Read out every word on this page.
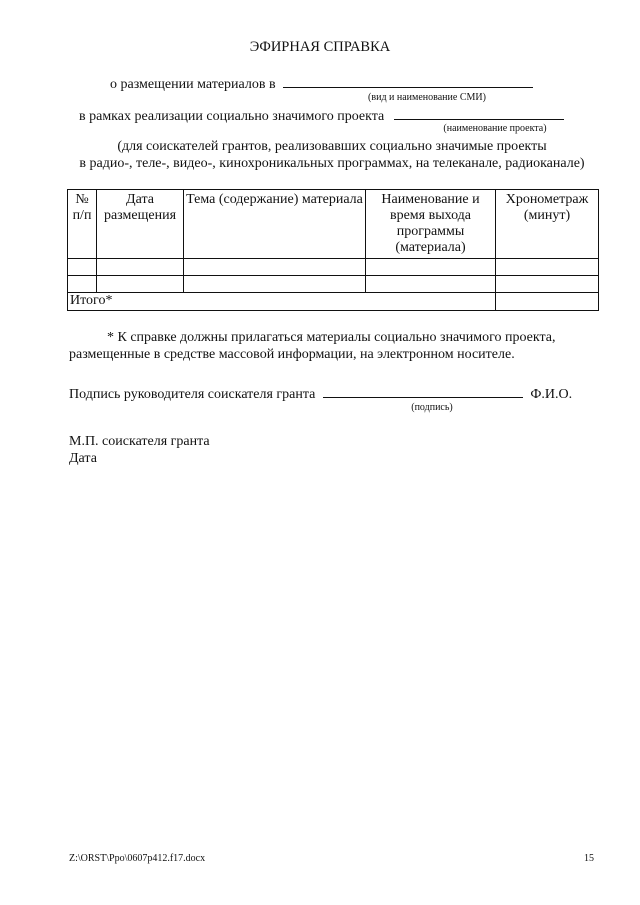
ЭФИРНАЯ СПРАВКА
о размещении материалов в
(вид и наименование СМИ)
в рамках реализации социально значимого проекта
(наименование проекта)
(для соискателей грантов, реализовавших социально значимые проекты
в радио-, теле-, видео-, кинохроникальных программах, на телеканале, радиоканале)
№ п/п	Дата размещения	Тема (содержание) материала	Наименование и время выхода программы (материала)	Хронометраж (минут)

Итого*				
* К справке должны прилагаться материалы социально значимого проекта,
размещенные в средстве массовой информации, на электронном носителе.
Подпись руководителя соискателя гранта	Ф.И.О.
(подпись)
М.П. соискателя гранта
Дата
Z:\ORST\Ppo\0607p412.f17.docx	15
